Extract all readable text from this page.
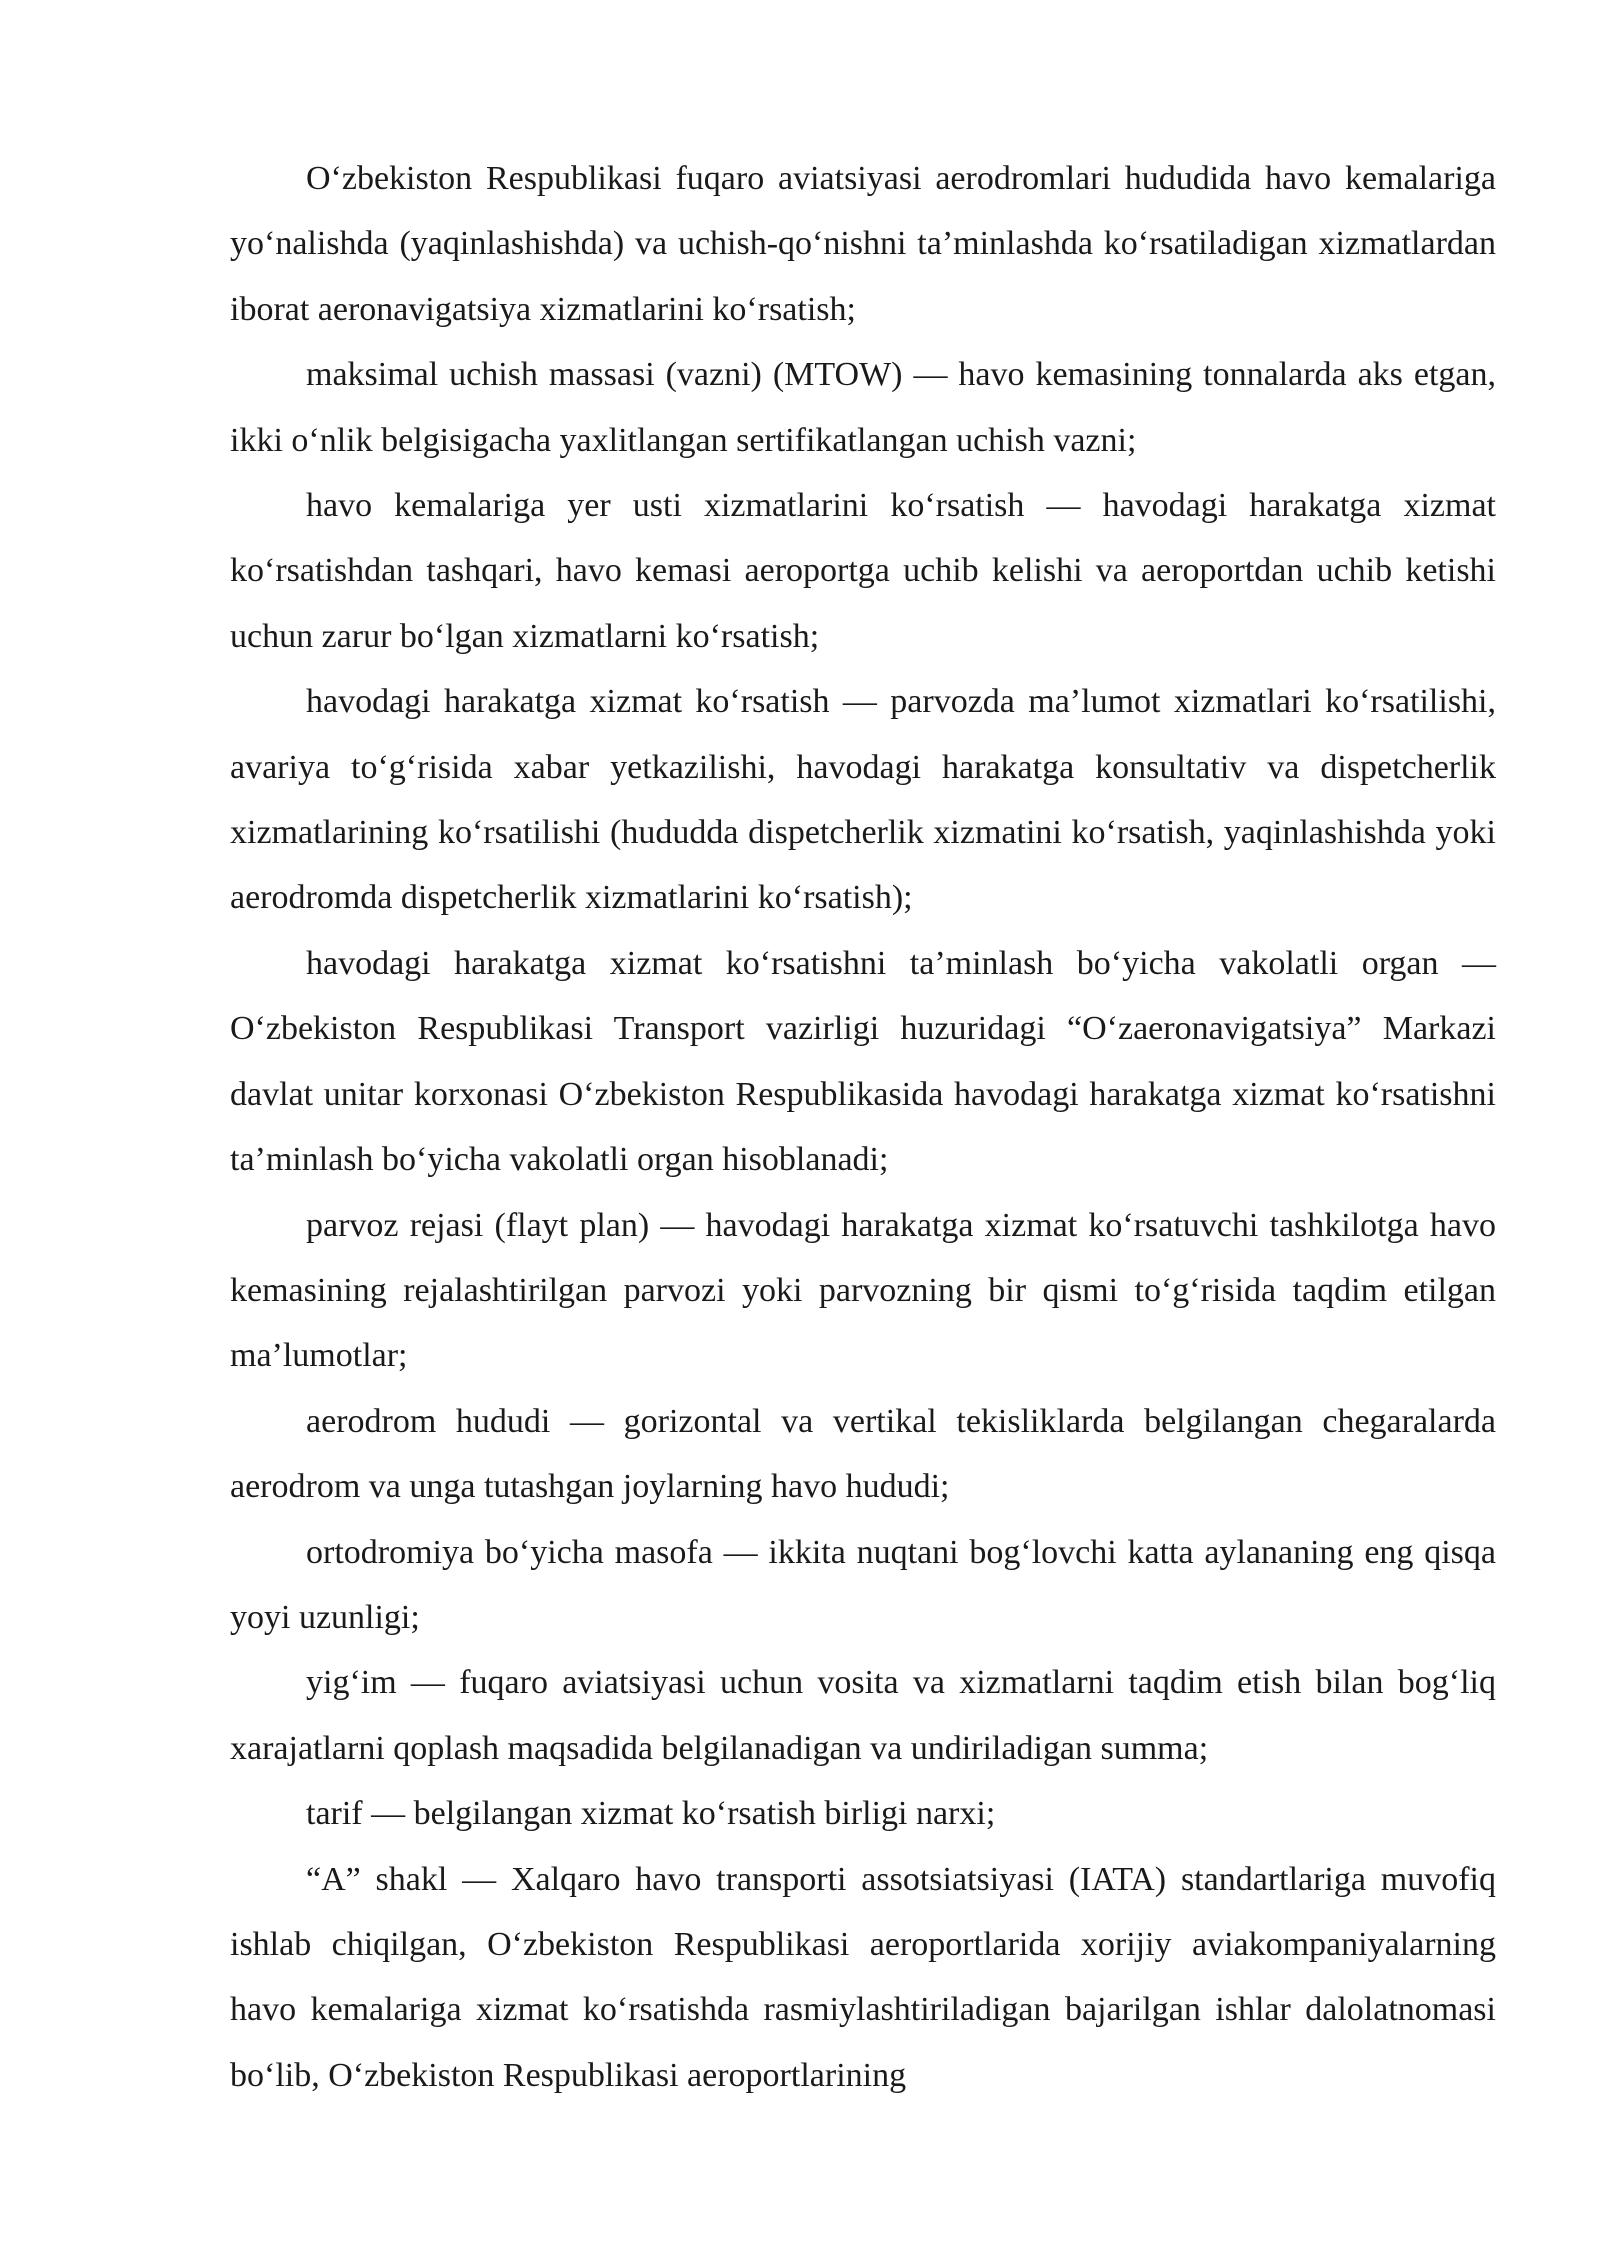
O‘zbekiston Respublikasi fuqaro aviatsiyasi aerodromlari hududida havo kemalariga yo‘nalishda (yaqinlashishda) va uchish-qo‘nishni ta’minlashda ko‘rsatiladigan xizmatlardan iborat aeronavigatsiya xizmatlarini ko‘rsatish;

maksimal uchish massasi (vazni) (MTOW) — havo kemasining tonnalarda aks etgan, ikki o‘nlik belgisigacha yaxlitlangan sertifikatlangan uchish vazni;

havo kemalariga yer usti xizmatlarini ko‘rsatish — havodagi harakatga xizmat ko‘rsatishdan tashqari, havo kemasi aeroportga uchib kelishi va aeroportdan uchib ketishi uchun zarur bo‘lgan xizmatlarni ko‘rsatish;

havodagi harakatga xizmat ko‘rsatish — parvozda ma’lumot xizmatlari ko‘rsatilishi, avariya to‘g‘risida xabar yetkazilishi, havodagi harakatga konsultativ va dispetcherlik xizmatlarining ko‘rsatilishi (hududda dispetcherlik xizmatini ko‘rsatish, yaqinlashishda yoki aerodromda dispetcherlik xizmatlarini ko‘rsatish);

havodagi harakatga xizmat ko‘rsatishni ta’minlash bo‘yicha vakolatli organ — O‘zbekiston Respublikasi Transport vazirligi huzuridagi “O‘zaeronavigatsiya” Markazi davlat unitar korxonasi O‘zbekiston Respublikasida havodagi harakatga xizmat ko‘rsatishni ta’minlash bo‘yicha vakolatli organ hisoblanadi;

parvoz rejasi (flayt plan) — havodagi harakatga xizmat ko‘rsatuvchi tashkilotga havo kemasining rejalashtirilgan parvozi yoki parvozning bir qismi to‘g‘risida taqdim etilgan ma’lumotlar;

aerodrom hududi — gorizontal va vertikal tekisliklarda belgilangan chegaralarda aerodrom va unga tutashgan joylarning havo hududi;

ortodromiya bo‘yicha masofa — ikkita nuqtani bog‘lovchi katta aylananing eng qisqa yoyi uzunligi;

yig‘im — fuqaro aviatsiyasi uchun vosita va xizmatlarni taqdim etish bilan bog‘liq xarajatlarni qoplash maqsadida belgilanadigan va undiriladigan summa;

tarif — belgilangan xizmat ko‘rsatish birligi narxi;

“A” shakl — Xalqaro havo transporti assotsiatsiyasi (IATA) standartlariga muvofiq ishlab chiqilgan, O‘zbekiston Respublikasi aeroportlarida xorijiy aviakompaniyalarning havo kemalariga xizmat ko‘rsatishda rasmiylashtiriladigan bajarilgan ishlar dalolatnomasi bo‘lib, O‘zbekiston Respublikasi aeroportlarining
